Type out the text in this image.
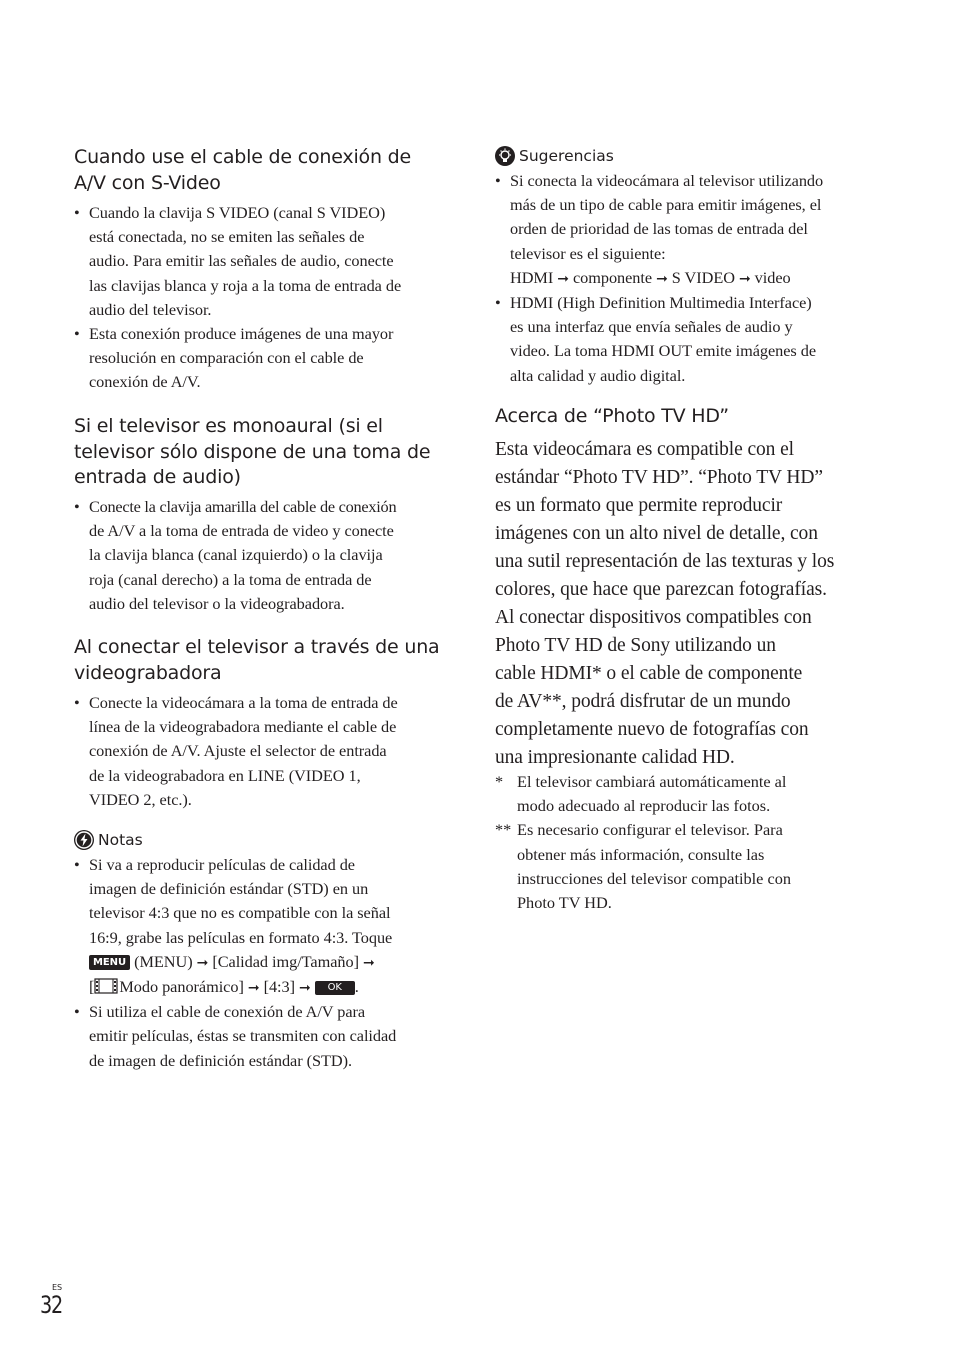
Cuando use el cable de conexión de
A/V con S-Video
• Cuando la clavija S VIDEO (canal S VIDEO)
está conectada, no se emiten las señales de
audio. Para emitir las señales de audio, conecte
las clavijas blanca y roja a la toma de entrada de
audio del televisor.
• Esta conexión produce imágenes de una mayor
resolución en comparación con el cable de
conexión de A/V.
Si el televisor es monoaural (si el
televisor sólo dispone de una toma de
entrada de audio)
• Conecte la clavija amarilla del cable de conexión
de A/V a la toma de entrada de video y conecte
la clavija blanca (canal izquierdo) o la clavija
roja (canal derecho) a la toma de entrada de
audio del televisor o la videograbadora.
Al conectar el televisor a través de una
videograbadora
• Conecte la videocámara a la toma de entrada de
línea de la videograbadora mediante el cable de
conexión de A/V. Ajuste el selector de entrada
de la videograbadora en LINE (VIDEO 1,
VIDEO 2, etc.).
Notas
• Si va a reproducir películas de calidad de
imagen de definición estándar (STD) en un
televisor 4:3 que no es compatible con la señal
16:9, grabe las películas en formato 4:3. Toque
MENU (MENU) ➞ [Calidad img/Tamaño] ➞
[ Modo panorámico] ➞ [4:3] ➞ OK .
• Si utiliza el cable de conexión de A/V para
emitir películas, éstas se transmiten con calidad
de imagen de definición estándar (STD).
Sugerencias
• Si conecta la videocámara al televisor utilizando
más de un tipo de cable para emitir imágenes, el
orden de prioridad de las tomas de entrada del
televisor es el siguiente:
HDMI ➞ componente ➞ S VIDEO ➞ video
• HDMI (High Definition Multimedia Interface)
es una interfaz que envía señales de audio y
video. La toma HDMI OUT emite imágenes de
alta calidad y audio digital.
Acerca de “Photo TV HD”

Esta videocámara es compatible con el
estándar “Photo TV HD”. “Photo TV HD”
es un formato que permite reproducir
imágenes con un alto nivel de detalle, con
una sutil representación de las texturas y los
colores, que hace que parezcan fotografías.
Al conectar dispositivos compatibles con
Photo TV HD de Sony utilizando un
cable HDMI* o el cable de componente
de AV**, podrá disfrutar de un mundo
completamente nuevo de fotografías con
una impresionante calidad HD.

* El televisor cambiará automáticamente al
modo adecuado al reproducir las fotos.
** Es necesario configurar el televisor. Para
obtener más información, consulte las
instrucciones del televisor compatible con
Photo TV HD.
ES
32
